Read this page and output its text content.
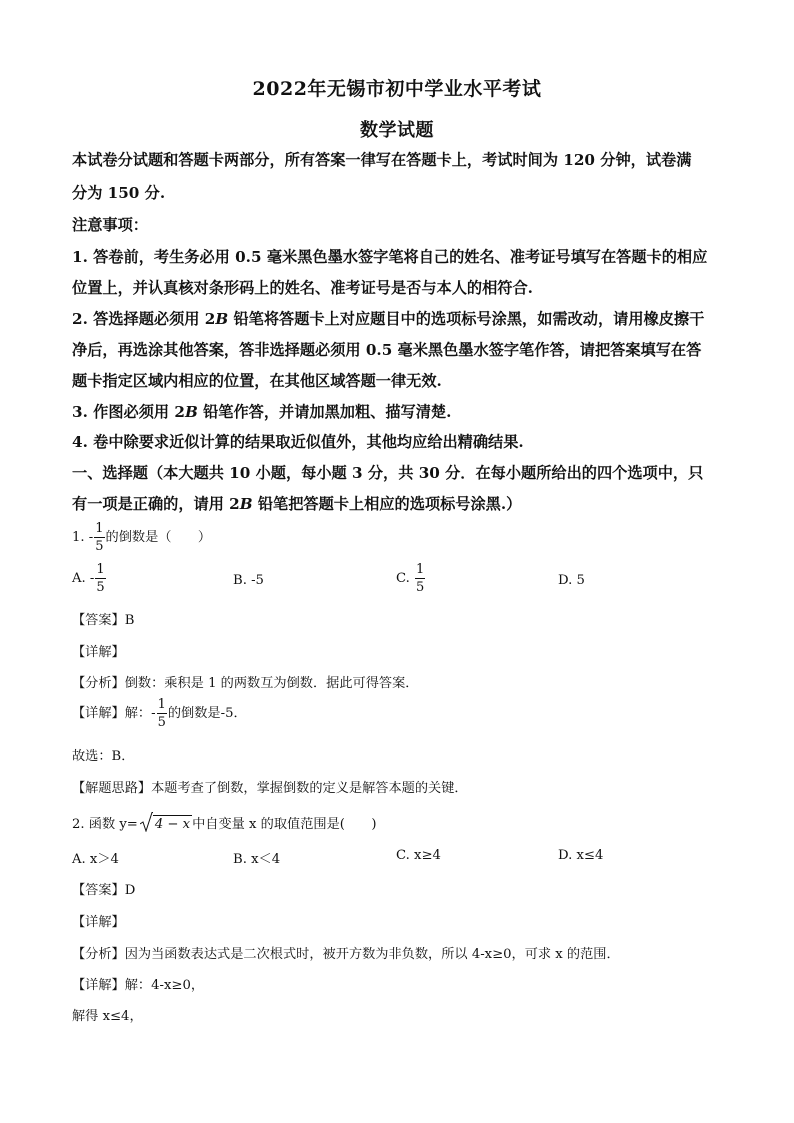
2022年无锡市初中学业水平考试
数学试题
本试卷分试题和答题卡两部分，所有答案一律写在答题卡上，考试时间为 120 分钟，试卷满
分为 150 分.
注意事项：
1. 答卷前，考生务必用 0.5 毫米黑色墨水签字笔将自己的姓名、准考证号填写在答题卡的相应
位置上，并认真核对条形码上的姓名、准考证号是否与本人的相符合.
2. 答选择题必须用 2B 铅笔将答题卡上对应题目中的选项标号涂黑，如需改动，请用橡皮擦干
净后，再选涂其他答案，答非选择题必须用 0.5 毫米黑色墨水签字笔作答，请把答案填写在答
题卡指定区域内相应的位置，在其他区域答题一律无效.
3. 作图必须用 2B 铅笔作答，并请加黑加粗、描写清楚.
4. 卷中除要求近似计算的结果取近似值外，其他均应给出精确结果.
一、选择题（本大题共 10 小题，每小题 3 分，共 30 分．在每小题所给出的四个选项中，只
有一项是正确的，请用 2B 铅笔把答题卡上相应的选项标号涂黑.）
1. - $\frac{1}{5}$ 的倒数是（　　）
A. - $\frac{1}{5}$	B. -5	C. $\frac{1}{5}$	D. 5
【答案】B
【详解】
【分析】倒数：乘积是 1 的两数互为倒数．据此可得答案．
【详解】解：- $\frac{1}{5}$ 的倒数是-5．
故选：B．
【解题思路】本题考查了倒数，掌握倒数的定义是解答本题的关键．
2. 函数 y= 4 − x 中自变量 x 的取值范围是(　　)
A. x＞4	B. x＜4	C. x≥4	D. x≤4
【答案】D
【详解】
【分析】因为当函数表达式是二次根式时，被开方数为非负数，所以 4-x≥0，可求 x 的范围．
【详解】解：4-x≥0，
解得 x≤4，
